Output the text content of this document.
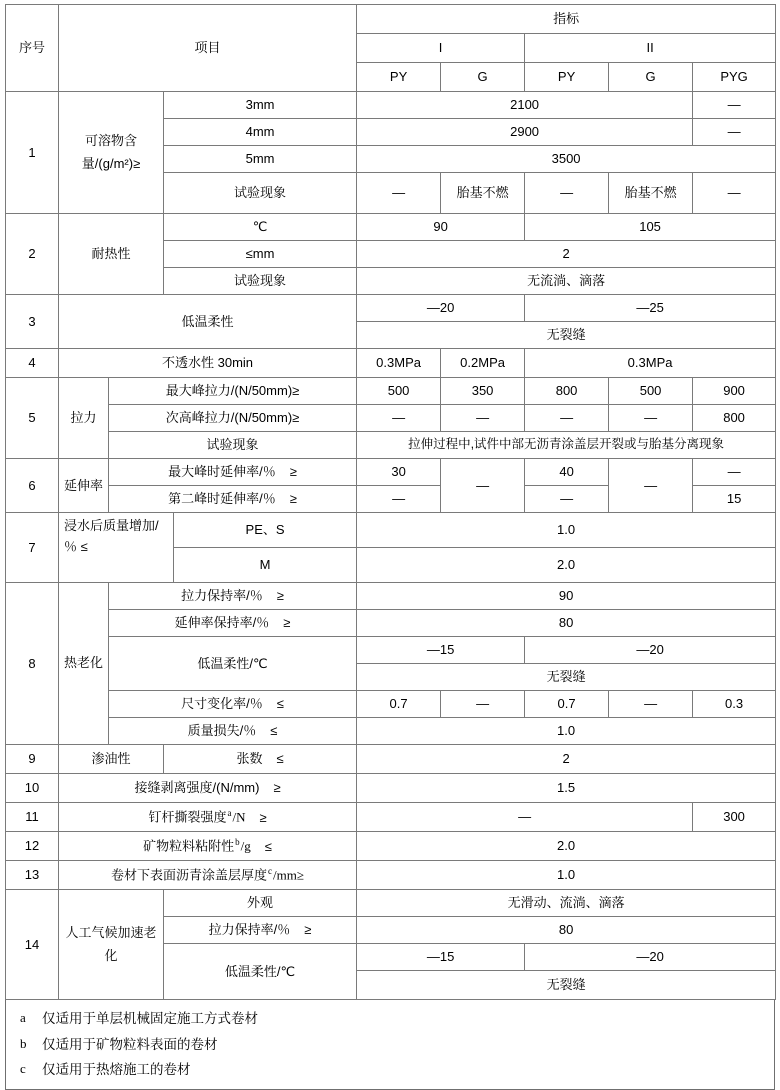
序号	项目				指标				
					I		II		
					PY	G	PY	G	PYG
1	可溶物含量/(g/m²)≥		3mm		2100				—
			4mm		2900				—
			5mm		3500				
			试验现象		—	胎基不燃	—	胎基不燃	—
2	耐热性		℃		90		105		
			≤mm		2				
			试验现象		无流淌、滴落				
3	低温柔性				—20		—25		
					无裂缝				
4	不透水性 30min				0.3MPa	0.2MPa	0.3MPa		
5	拉力	最大峰拉力/(N/50mm)≥			500	350	800	500	900
		次高峰拉力/(N/50mm)≥			—	—	—	—	800
		试验现象			拉伸过程中,试件中部无沥青涂盖层开裂或与胎基分离现象				
6	延伸率	最大峰时延伸率/％ ≥			30	—	40	—	—
		第二峰时延伸率/％ ≥			—		—		15
7	浸水后质量增加/％ ≤			PE、S	1.0				
				M	2.0				
8	热老化	拉力保持率/％ ≥			90				
		延伸率保持率/％ ≥			80				
		低温柔性/℃			—15		—20		
					无裂缝				
		尺寸变化率/％ ≤			0.7	—	0.7	—	0.3
		质量损失/％ ≤			1.0				
9	渗油性		张数 ≤		2				
10	接缝剥离强度/(N/mm) ≥				1.5				
11	钉杆撕裂强度$^a$/N ≥				—				300
12	矿物粒料粘附性$^b$/g ≤				2.0				
13	卷材下表面沥青涂盖层厚度$^c$/mm≥				1.0				
14	人工气候加速老化		外观		无滑动、流淌、滴落				
			拉力保持率/％ ≥		80				
			低温柔性/℃		—15		—20		
					无裂缝				
a	仅适用于单层机械固定施工方式卷材
b	仅适用于矿物粒料表面的卷材
c	仅适用于热熔施工的卷材
